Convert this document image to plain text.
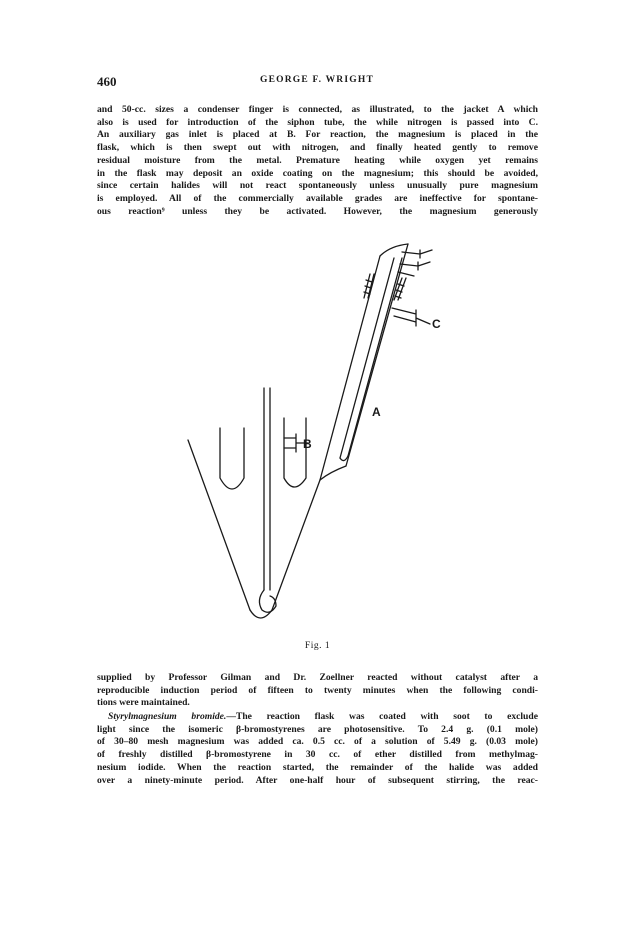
460	GEORGE F. WRIGHT
and 50-cc. sizes a condenser finger is connected, as illustrated, to the jacket A which
also is used for introduction of the siphon tube, the while nitrogen is passed into C.
An auxiliary gas inlet is placed at B. For reaction, the magnesium is placed in the
flask, which is then swept out with nitrogen, and finally heated gently to remove
residual moisture from the metal. Premature heating while oxygen yet remains
in the flask may deposit an oxide coating on the magnesium; this should be avoided,
since certain halides will not react spontaneously unless unusually pure magnesium
is employed. All of the commercially available grades are ineffective for spontane-
ous reaction⁹ unless they be activated. However, the magnesium generously
A
B
C
Fig. 1
supplied by Professor Gilman and Dr. Zoellner reacted without catalyst after a
reproducible induction period of fifteen to twenty minutes when the following condi-
tions were maintained.
Styrylmagnesium bromide.—The reaction flask was coated with soot to exclude
light since the isomeric β-bromostyrenes are photosensitive. To 2.4 g. (0.1 mole)
of 30–80 mesh magnesium was added ca. 0.5 cc. of a solution of 5.49 g. (0.03 mole)
of freshly distilled β-bromostyrene in 30 cc. of ether distilled from methylmag-
nesium iodide. When the reaction started, the remainder of the halide was added
over a ninety-minute period. After one-half hour of subsequent stirring, the reac-
